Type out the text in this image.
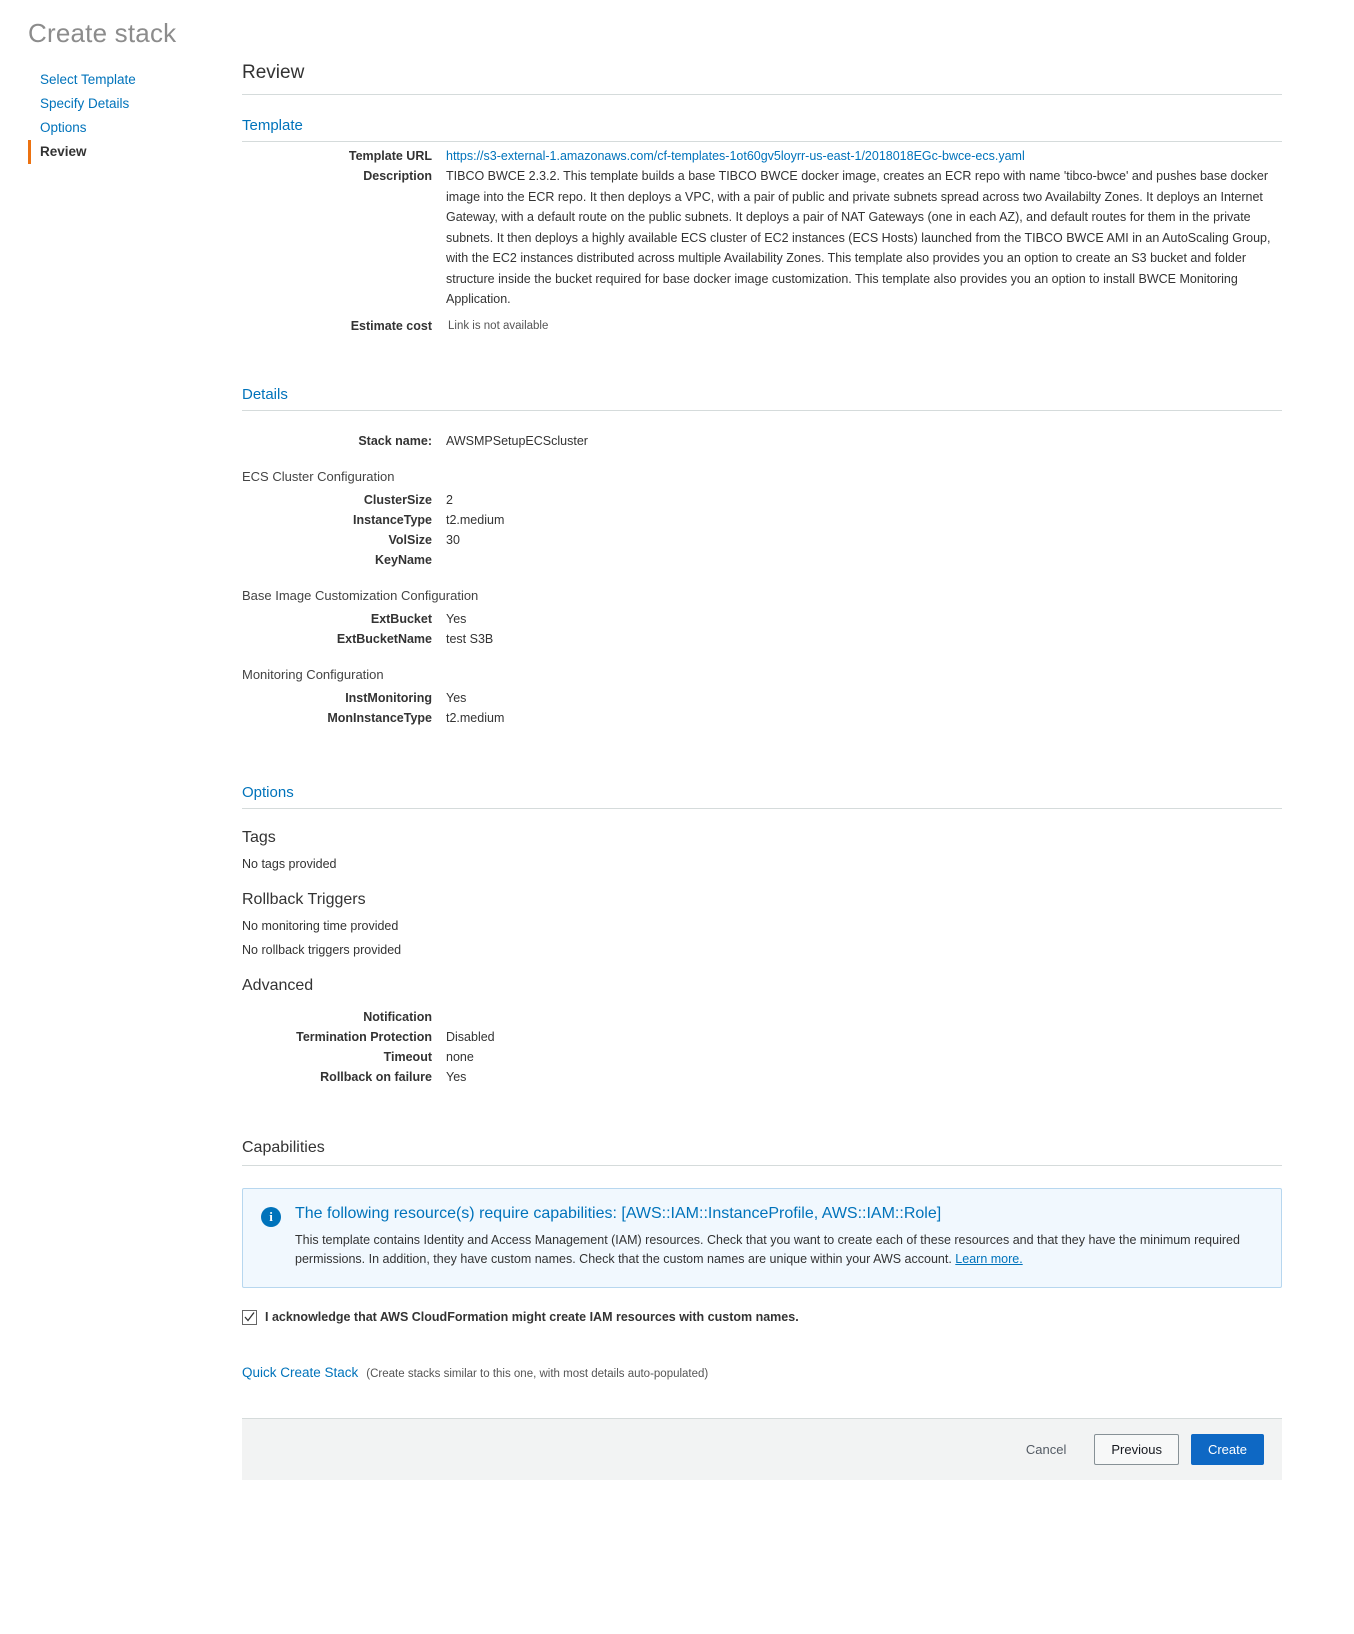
Create stack
Select Template
Specify Details
Options
Review
Review
Template
Template URL	https://s3-external-1.amazonaws.com/cf-templates-1ot60gv5loyrr-us-east-1/2018018EGc-bwce-ecs.yaml
Description	TIBCO BWCE 2.3.2. This template builds a base TIBCO BWCE docker image, creates an ECR repo with name 'tibco-bwce' and pushes base docker image into the ECR repo. It then deploys a VPC, with a pair of public and private subnets spread across two Availabilty Zones. It deploys an Internet Gateway, with a default route on the public subnets. It deploys a pair of NAT Gateways (one in each AZ), and default routes for them in the private subnets. It then deploys a highly available ECS cluster of EC2 instances (ECS Hosts) launched from the TIBCO BWCE AMI in an AutoScaling Group, with the EC2 instances distributed across multiple Availability Zones. This template also provides you an option to create an S3 bucket and folder structure inside the bucket required for base docker image customization. This template also provides you an option to install BWCE Monitoring Application.
Estimate cost	Link is not available
Details
Stack name:	AWSMPSetupECScluster
ECS Cluster Configuration
ClusterSize	2
InstanceType	t2.medium
VolSize	30
KeyName
Base Image Customization Configuration
ExtBucket	Yes
ExtBucketName	test S3B
Monitoring Configuration
InstMonitoring	Yes
MonInstanceType	t2.medium
Options
Tags
No tags provided
Rollback Triggers
No monitoring time provided
No rollback triggers provided
Advanced
Notification
Termination Protection	Disabled
Timeout	none
Rollback on failure	Yes
Capabilities
i	The following resource(s) require capabilities: [AWS::IAM::InstanceProfile, AWS::IAM::Role]
This template contains Identity and Access Management (IAM) resources. Check that you want to create each of these resources and that they have the minimum required permissions. In addition, they have custom names. Check that the custom names are unique within your AWS account. Learn more.
I acknowledge that AWS CloudFormation might create IAM resources with custom names.
Quick Create Stack (Create stacks similar to this one, with most details auto-populated)
Cancel	Previous	Create
